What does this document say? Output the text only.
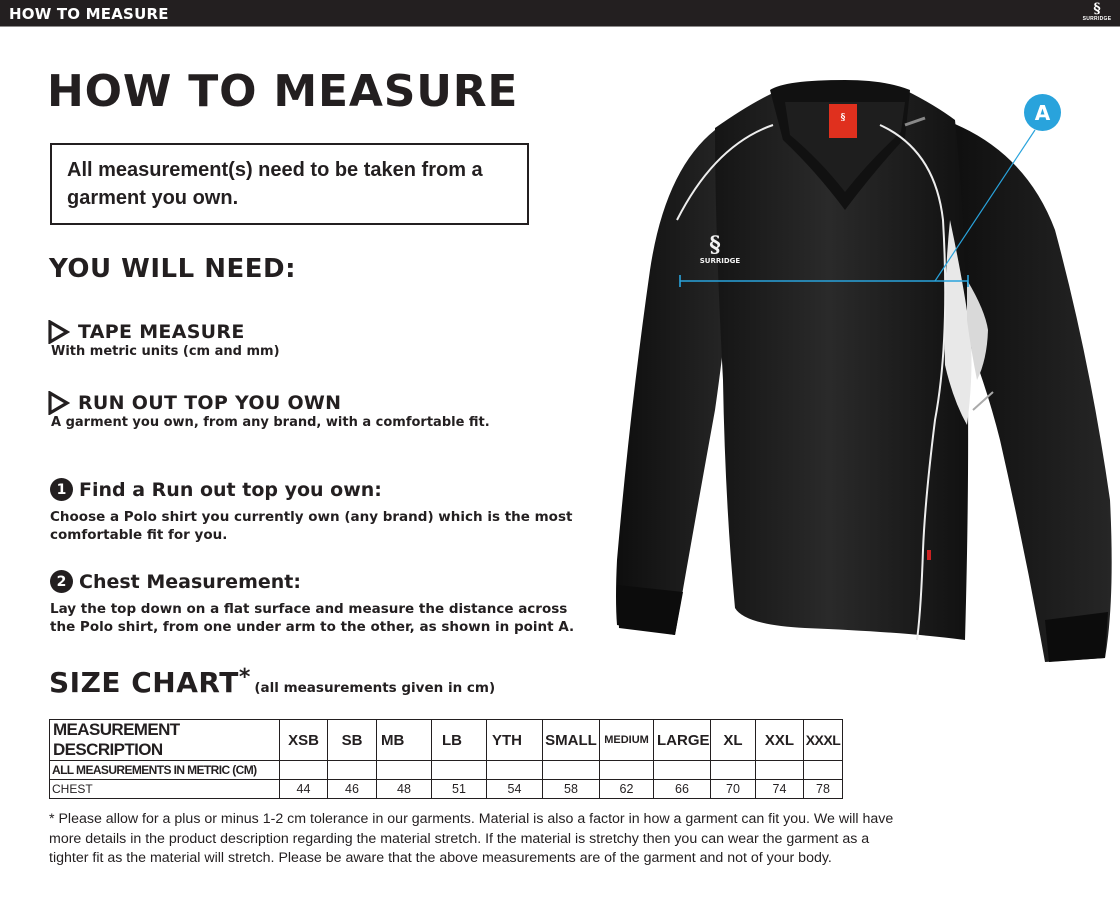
HOW TO MEASURE	§
SURRIDGE
HOW TO MEASURE
All measurement(s) need to be taken from a garment you own.
YOU WILL NEED:
TAPE MEASURE
With metric units (cm and mm)
RUN OUT TOP YOU OWN
A garment you own, from any brand, with a comfortable fit.
1 Find a Run out top you own:
Choose a Polo shirt you currently own (any brand) which is the most comfortable fit for you.
2 Chest Measurement:
Lay the top down on a flat surface and measure the distance across the Polo shirt, from one under arm to the other, as shown in point A.
SIZE CHART * (all measurements given in cm)
MEASUREMENT DESCRIPTION	XSB	SB	MB	LB	YTH	SMALL	MEDIUM	LARGE	XL	XXL	XXXL
ALL MEASUREMENTS IN METRIC (CM)											
CHEST	44	46	48	51	54	58	62	66	70	74	78
* Please allow for a plus or minus 1-2 cm tolerance in our garments. Material is also a factor in how a garment can fit you. We will have more details in the product description regarding the material stretch. If the material is stretchy then you can wear the garment as a tighter fit as the material will stretch. Please be aware that the above measurements are of the garment and not of your body.
§
§
SURRIDGE
A
